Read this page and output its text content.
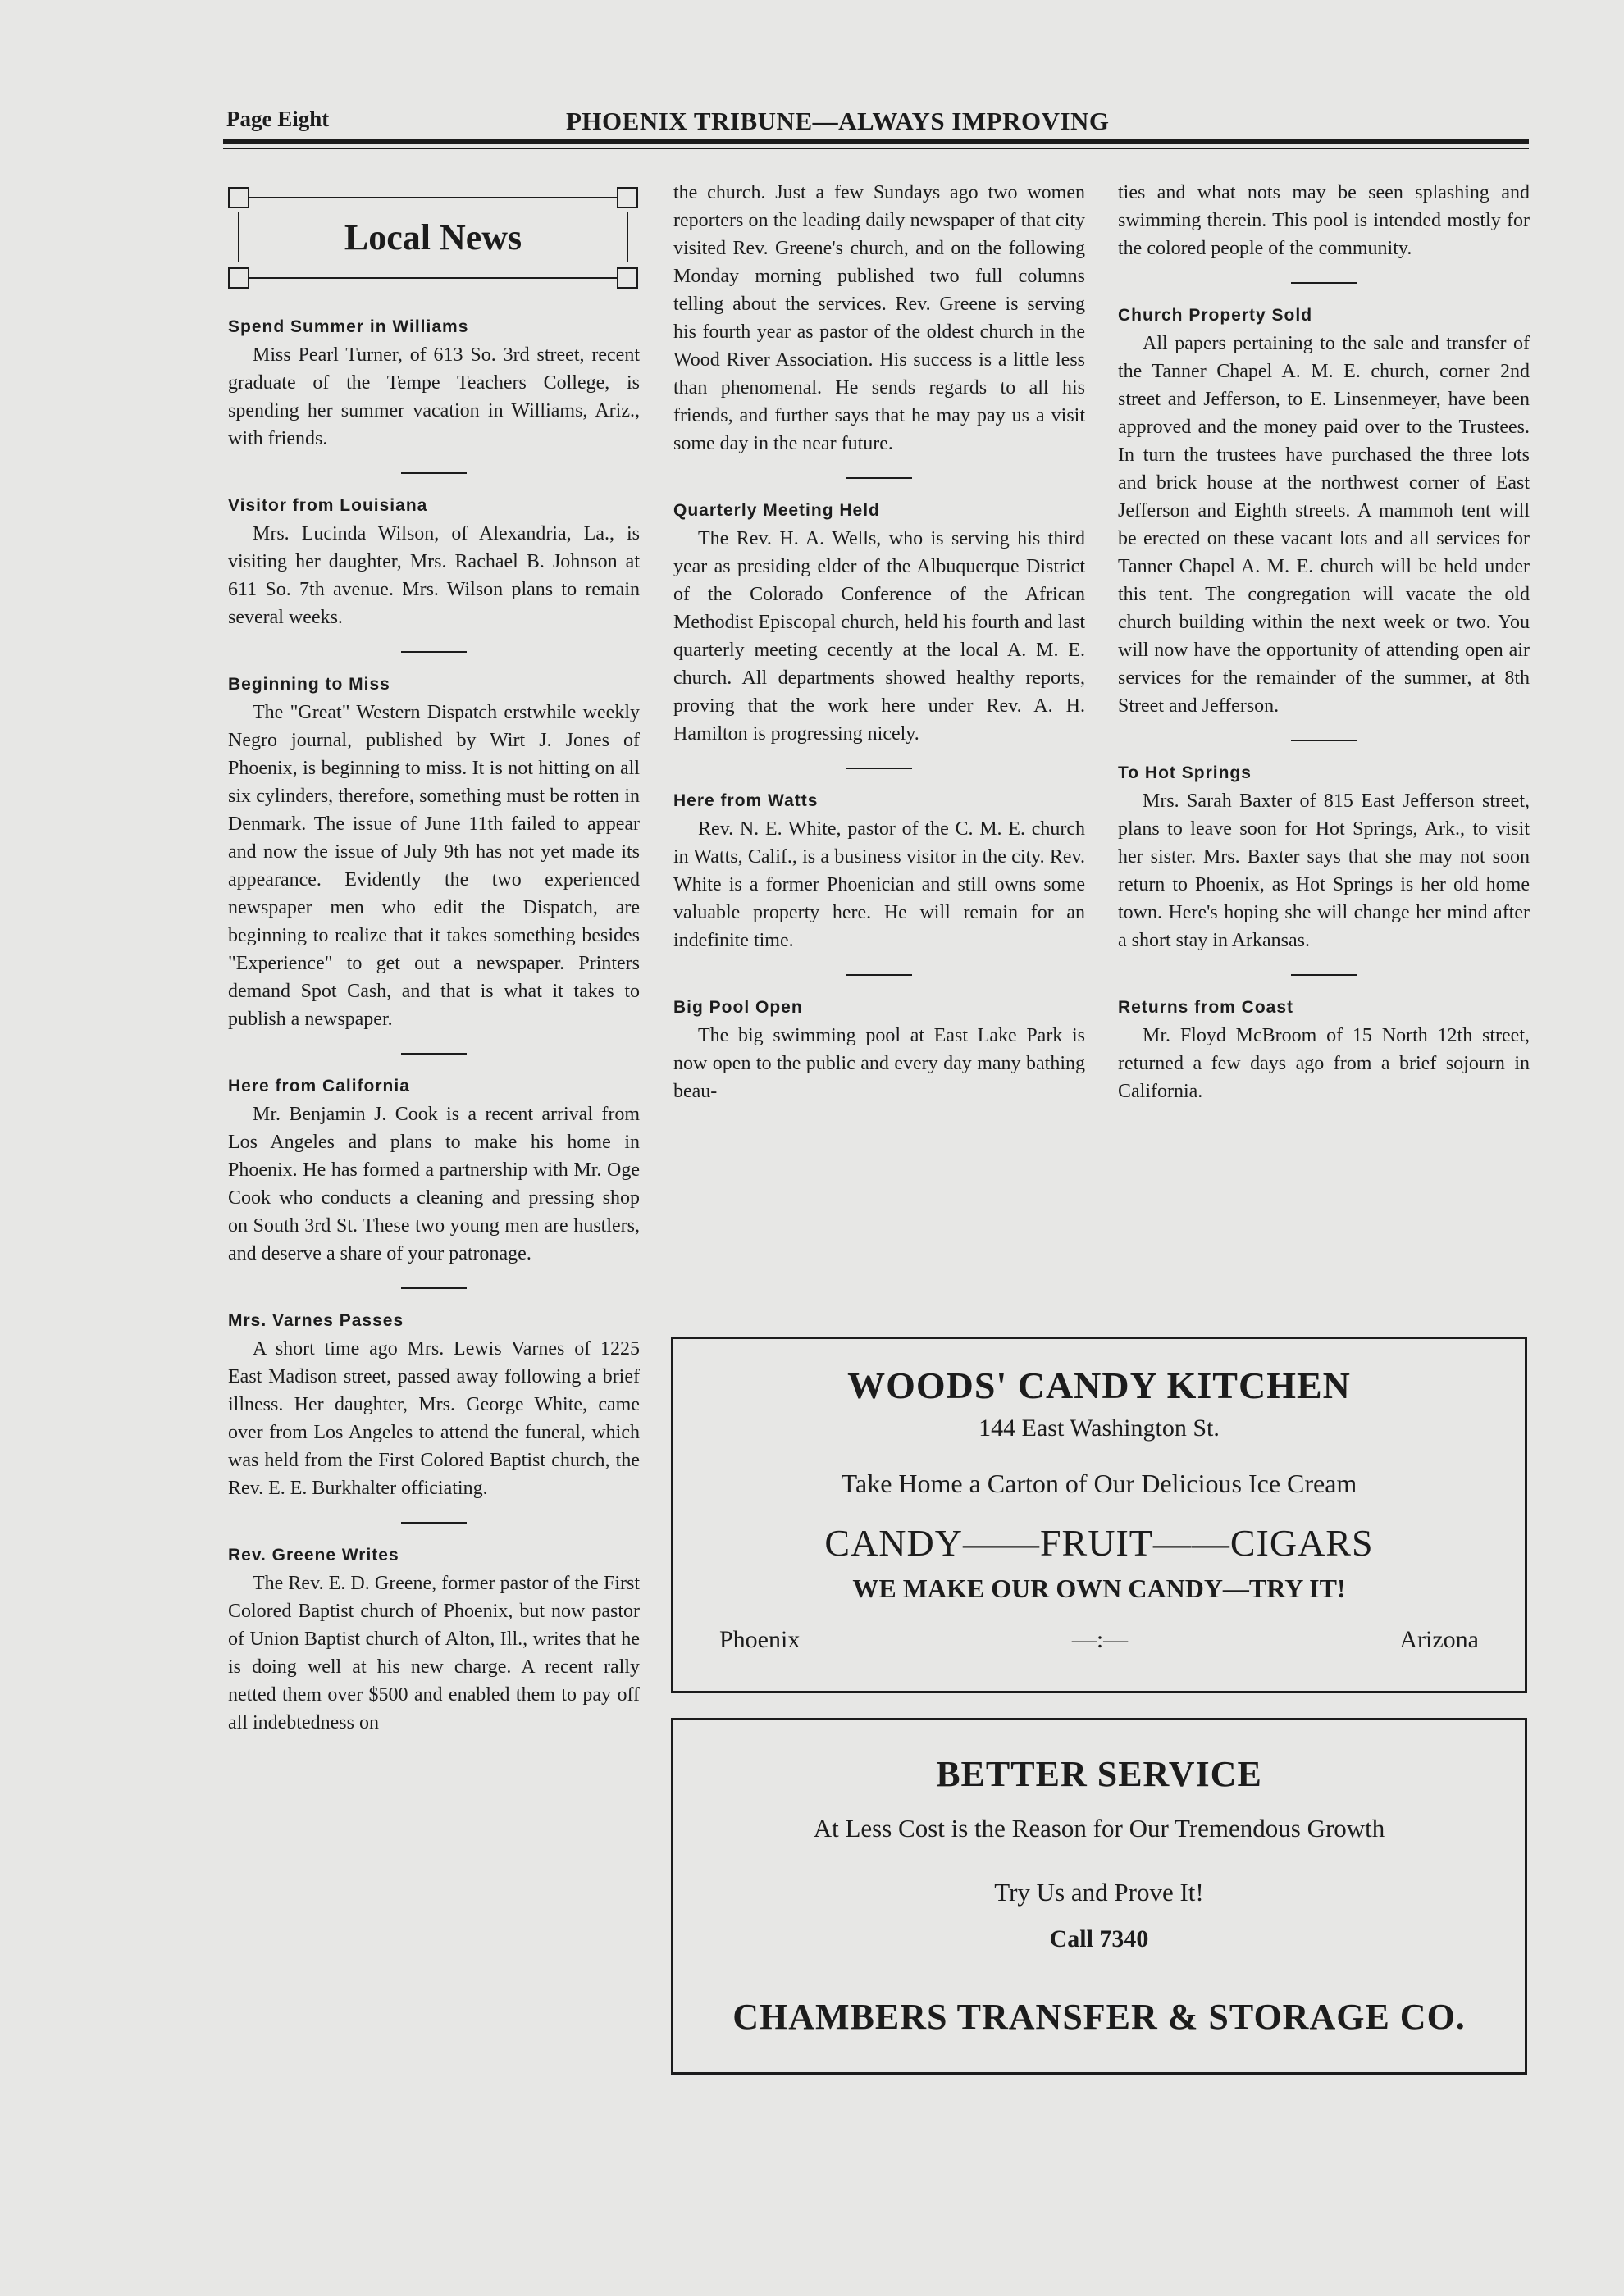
Page Eight	PHOENIX TRIBUNE—ALWAYS IMPROVING
Local News

Spend Summer in Williams

Miss Pearl Turner, of 613 So. 3rd street, recent graduate of the Tempe Teachers College, is spending her summer vacation in Williams, Ariz., with friends.

Visitor from Louisiana

Mrs. Lucinda Wilson, of Alexandria, La., is visiting her daughter, Mrs. Rachael B. Johnson at 611 So. 7th avenue. Mrs. Wilson plans to remain several weeks.

Beginning to Miss

The "Great" Western Dispatch erstwhile weekly Negro journal, published by Wirt J. Jones of Phoenix, is beginning to miss. It is not hitting on all six cylinders, therefore, something must be rotten in Denmark. The issue of June 11th failed to appear and now the issue of July 9th has not yet made its appearance. Evidently the two experienced newspaper men who edit the Dispatch, are beginning to realize that it takes something besides "Experience" to get out a newspaper. Printers demand Spot Cash, and that is what it takes to publish a newspaper.

Here from California

Mr. Benjamin J. Cook is a recent arrival from Los Angeles and plans to make his home in Phoenix. He has formed a partnership with Mr. Oge Cook who conducts a cleaning and pressing shop on South 3rd St. These two young men are hustlers, and deserve a share of your patronage.

Mrs. Varnes Passes

A short time ago Mrs. Lewis Varnes of 1225 East Madison street, passed away following a brief illness. Her daughter, Mrs. George White, came over from Los Angeles to attend the funeral, which was held from the First Colored Baptist church, the Rev. E. E. Burkhalter officiating.

Rev. Greene Writes

The Rev. E. D. Greene, former pastor of the First Colored Baptist church of Phoenix, but now pastor of Union Baptist church of Alton, Ill., writes that he is doing well at his new charge. A recent rally netted them over $500 and enabled them to pay off all indebtedness on

the church. Just a few Sundays ago two women reporters on the leading daily newspaper of that city visited Rev. Greene's church, and on the following Monday morning published two full columns telling about the services. Rev. Greene is serving his fourth year as pastor of the oldest church in the Wood River Association. His success is a little less than phenomenal. He sends regards to all his friends, and further says that he may pay us a visit some day in the near future.

Quarterly Meeting Held

The Rev. H. A. Wells, who is serving his third year as presiding elder of the Albuquerque District of the Colorado Conference of the African Methodist Episcopal church, held his fourth and last quarterly meeting cecently at the local A. M. E. church. All departments showed healthy reports, proving that the work here under Rev. A. H. Hamilton is progressing nicely.

Here from Watts

Rev. N. E. White, pastor of the C. M. E. church in Watts, Calif., is a business visitor in the city. Rev. White is a former Phoenician and still owns some valuable property here. He will remain for an indefinite time.

Big Pool Open

The big swimming pool at East Lake Park is now open to the public and every day many bathing beau-

ties and what nots may be seen splashing and swimming therein. This pool is intended mostly for the colored people of the community.

Church Property Sold

All papers pertaining to the sale and transfer of the Tanner Chapel A. M. E. church, corner 2nd street and Jefferson, to E. Linsenmeyer, have been approved and the money paid over to the Trustees. In turn the trustees have purchased the three lots and brick house at the northwest corner of East Jefferson and Eighth streets. A mammoh tent will be erected on these vacant lots and all services for Tanner Chapel A. M. E. church will be held under this tent. The congregation will vacate the old church building within the next week or two. You will now have the opportunity of attending open air services for the remainder of the summer, at 8th Street and Jefferson.

To Hot Springs

Mrs. Sarah Baxter of 815 East Jefferson street, plans to leave soon for Hot Springs, Ark., to visit her sister. Mrs. Baxter says that she may not soon return to Phoenix, as Hot Springs is her old home town. Here's hoping she will change her mind after a short stay in Arkansas.

Returns from Coast

Mr. Floyd McBroom of 15 North 12th street, returned a few days ago from a brief sojourn in California.

WOODS' CANDY KITCHEN
144 East Washington St.
Take Home a Carton of Our Delicious Ice Cream
CANDY——FRUIT——CIGARS
WE MAKE OUR OWN CANDY—TRY IT!
Phoenix	—:—	Arizona
BETTER SERVICE
At Less Cost is the Reason for Our Tremendous Growth
Try Us and Prove It!
Call 7340
CHAMBERS TRANSFER & STORAGE CO.
